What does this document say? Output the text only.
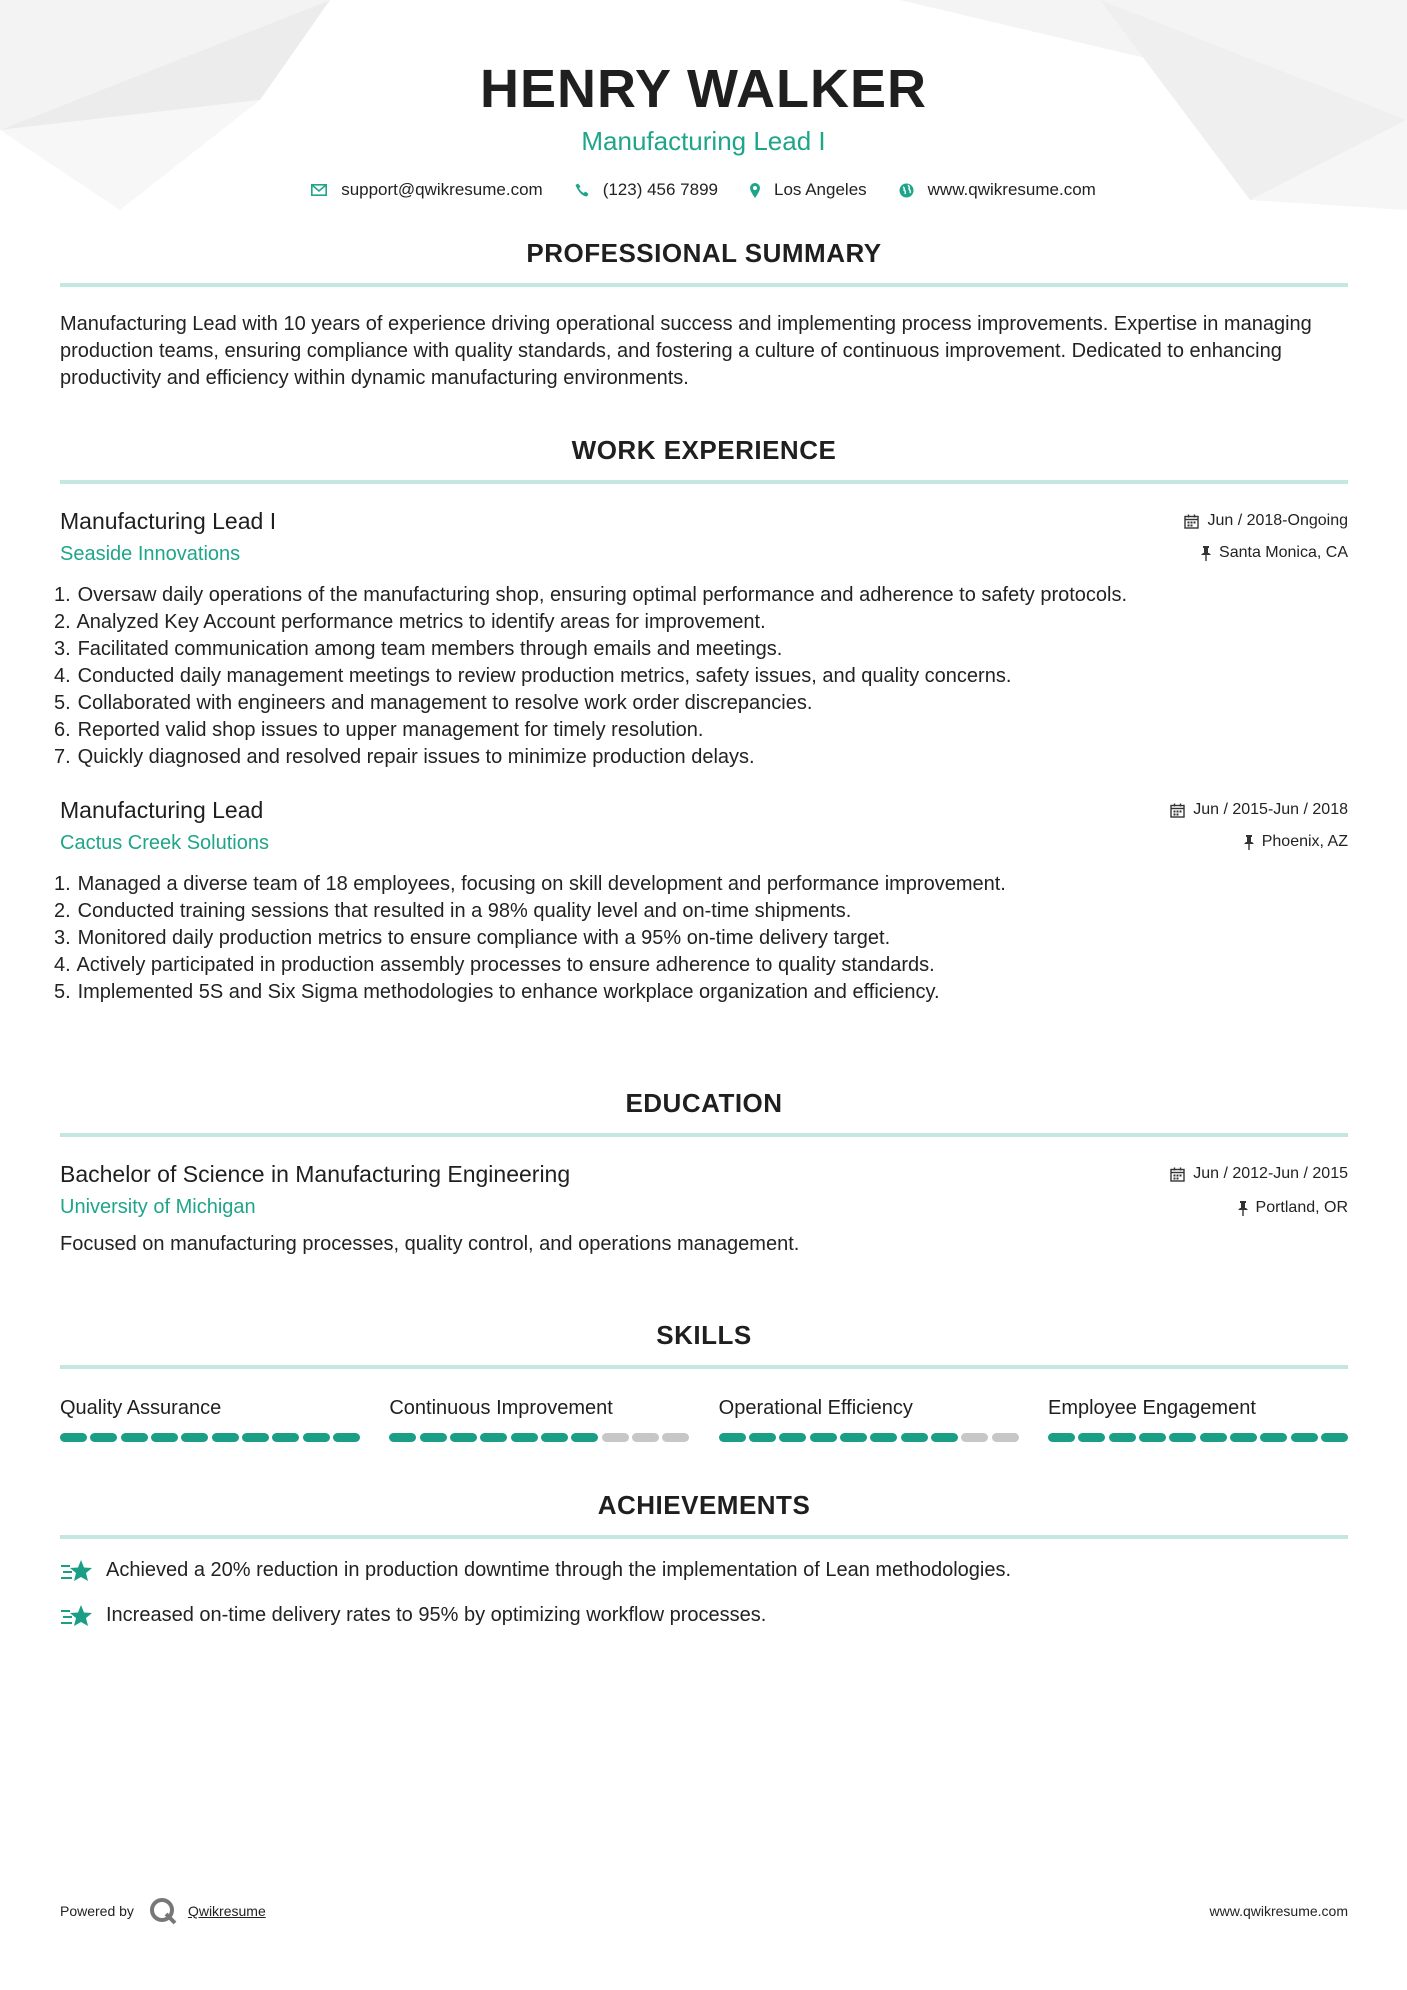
HENRY WALKER
Manufacturing Lead I
support@qwikresume.com	(123) 456 7899	Los Angeles	www.qwikresume.com
PROFESSIONAL SUMMARY
Manufacturing Lead with 10 years of experience driving operational success and implementing process improvements. Expertise in managing production teams, ensuring compliance with quality standards, and fostering a culture of continuous improvement. Dedicated to enhancing productivity and efficiency within dynamic manufacturing environments.
WORK EXPERIENCE
Manufacturing Lead I
Seaside Innovations
Jun / 2018-Ongoing
Santa Monica, CA
1. Oversaw daily operations of the manufacturing shop, ensuring optimal performance and adherence to safety protocols.
2. Analyzed Key Account performance metrics to identify areas for improvement.
3. Facilitated communication among team members through emails and meetings.
4. Conducted daily management meetings to review production metrics, safety issues, and quality concerns.
5. Collaborated with engineers and management to resolve work order discrepancies.
6. Reported valid shop issues to upper management for timely resolution.
7. Quickly diagnosed and resolved repair issues to minimize production delays.
Manufacturing Lead
Cactus Creek Solutions
Jun / 2015-Jun / 2018
Phoenix, AZ
1. Managed a diverse team of 18 employees, focusing on skill development and performance improvement.
2. Conducted training sessions that resulted in a 98% quality level and on-time shipments.
3. Monitored daily production metrics to ensure compliance with a 95% on-time delivery target.
4. Actively participated in production assembly processes to ensure adherence to quality standards.
5. Implemented 5S and Six Sigma methodologies to enhance workplace organization and efficiency.
EDUCATION
Bachelor of Science in Manufacturing Engineering
University of Michigan
Jun / 2012-Jun / 2015
Portland, OR
Focused on manufacturing processes, quality control, and operations management.
SKILLS
Quality Assurance	Continuous Improvement	Operational Efficiency	Employee Engagement
ACHIEVEMENTS
Achieved a 20% reduction in production downtime through the implementation of Lean methodologies.
Increased on-time delivery rates to 95% by optimizing workflow processes.
Powered by	Qwikresume	www.qwikresume.com
